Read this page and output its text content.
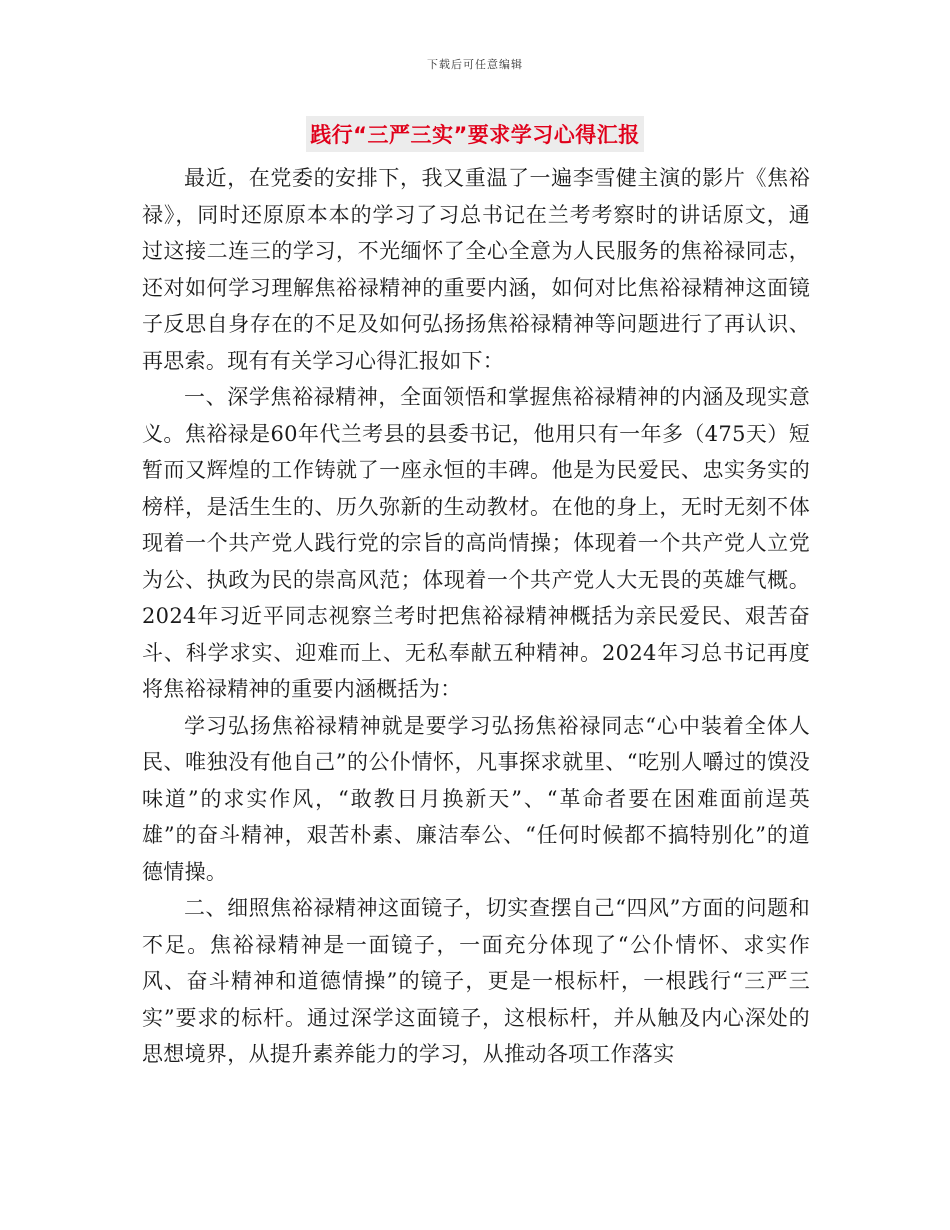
下载后可任意编辑
践行“三严三实”要求学习心得汇报

最近，在党委的安排下，我又重温了一遍李雪健主演的影片《焦裕禄》，同时还原原本本的学习了习总书记在兰考考察时的讲话原文，通过这接二连三的学习，不光缅怀了全心全意为人民服务的焦裕禄同志，还对如何学习理解焦裕禄精神的重要内涵，如何对比焦裕禄精神这面镜子反思自身存在的不足及如何弘扬扬焦裕禄精神等问题进行了再认识、再思索。现有有关学习心得汇报如下：

一、深学焦裕禄精神，全面领悟和掌握焦裕禄精神的内涵及现实意义。焦裕禄是60年代兰考县的县委书记，他用只有一年多（475天）短暂而又辉煌的工作铸就了一座永恒的丰碑。他是为民爱民、忠实务实的榜样，是活生生的、历久弥新的生动教材。在他的身上，无时无刻不体现着一个共产党人践行党的宗旨的高尚情操；体现着一个共产党人立党为公、执政为民的崇高风范；体现着一个共产党人大无畏的英雄气概。2024年习近平同志视察兰考时把焦裕禄精神概括为亲民爱民、艰苦奋斗、科学求实、迎难而上、无私奉献五种精神。2024年习总书记再度将焦裕禄精神的重要内涵概括为：

学习弘扬焦裕禄精神就是要学习弘扬焦裕禄同志“心中装着全体人民、唯独没有他自己”的公仆情怀，凡事探求就里、“吃别人嚼过的馍没味道”的求实作风，“敢教日月换新天”、“革命者要在困难面前逞英雄”的奋斗精神，艰苦朴素、廉洁奉公、“任何时候都不搞特别化”的道德情操。

二、细照焦裕禄精神这面镜子，切实查摆自己“四风”方面的问题和不足。焦裕禄精神是一面镜子，一面充分体现了“公仆情怀、求实作风、奋斗精神和道德情操”的镜子，更是一根标杆，一根践行“三严三实”要求的标杆。通过深学这面镜子，这根标杆，并从触及内心深处的思想境界，从提升素养能力的学习，从推动各项工作落实
